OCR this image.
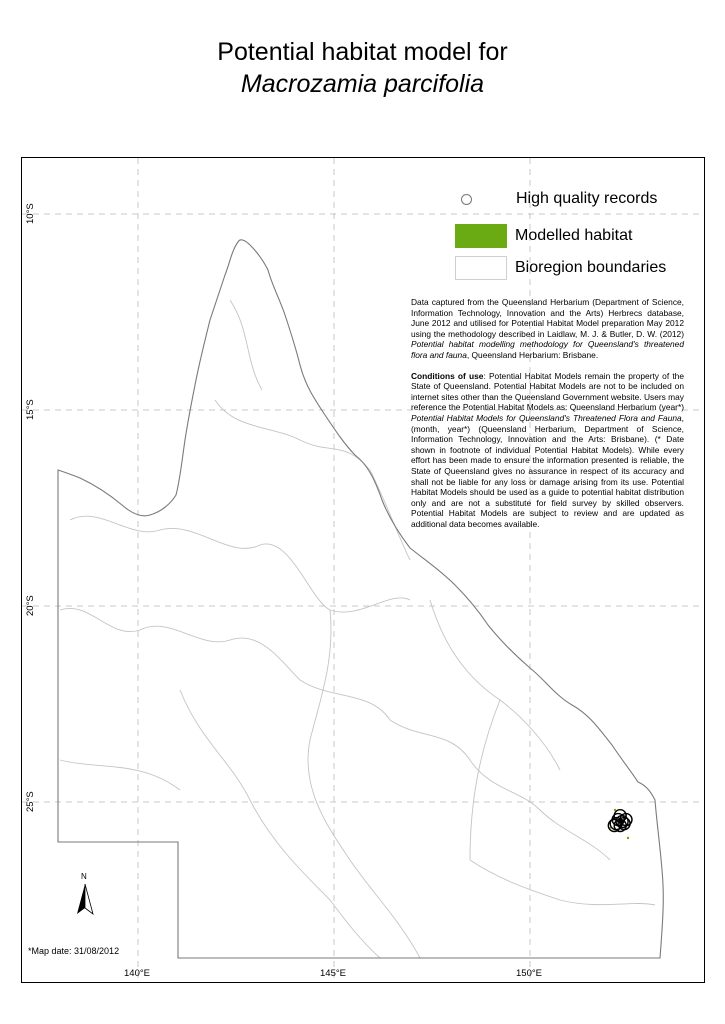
Potential habitat model for
Macrozamia parcifolia
10°S
15°S
20°S
25°S
140°E	145°E	150°E
High quality records
Modelled habitat
Bioregion boundaries

Data captured from the Queensland Herbarium (Department of Science, Information Technology, Innovation and the Arts) Herbrecs database, June 2012 and utilised for Potential Habitat Model preparation May 2012 using the methodology described in Laidlaw, M. J. & Butler, D. W. (2012) Potential habitat modelling methodology for Queensland's threatened flora and fauna, Queensland Herbarium: Brisbane.

Conditions of use: Potential Habitat Models remain the property of the State of Queensland. Potential Habitat Models are not to be included on internet sites other than the Queensland Government website. Users may reference the Potential Habitat Models as: Queensland Herbarium (year*) Potential Habitat Models for Queensland's Threatened Flora and Fauna, (month, year*) (Queensland Herbarium, Department of Science, Information Technology, Innovation and the Arts: Brisbane). (* Date shown in footnote of individual Potential Habitat Models). While every effort has been made to ensure the information presented is reliable, the State of Queensland gives no assurance in respect of its accuracy and shall not be liable for any loss or damage arising from its use. Potential Habitat Models should be used as a guide to potential habitat distribution only and are not a substitute for field survey by skilled observers. Potential Habitat Models are subject to review and are updated as additional data becomes available.

N
*Map date: 31/08/2012
